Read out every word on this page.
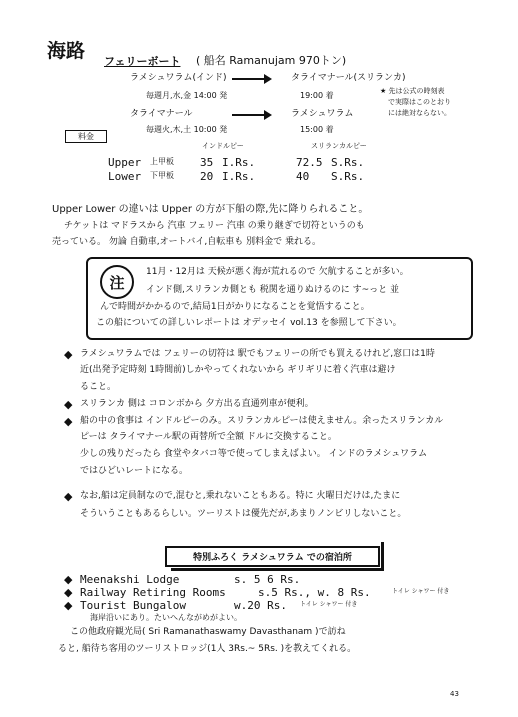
海路 フェリーボート ( 船名 Ramanujam 970トン)
ラメシュワラム(インド)	タライマナール(スリランカ)
毎週月,水,金 14:00 発	19:00 着
タライマナール	ラメシュワラム
毎週火,木,土 10:00 発	15:00 着
★ 先は公式の時刻表
で実際はこのとおり
には絶対ならない。
料金
インドルピー	スリランカルピー
Upper 上甲板 35 I.Rs.	72.5 S.Rs.
Lower 下甲板 20 I.Rs.	40 S.Rs.
Upper Lower の違いは Upper の方が下船の際,先に降りられること。
チケットは マドラスから 汽車 フェリー 汽車 の乗り継ぎで切符というのも
売っている。 勿論 自動車,オートバイ,自転車も 別料金で 乗れる。
注
11月・12月は 天候が悪く海が荒れるので 欠航することが多い。
インド側,スリランカ側とも 税関を通りぬけるのに す~っと 並
んで時間がかかるので,結局1日がかりになることを覚悟すること。
この船についての詳しいレポートは オデッセイ vol.13 を参照して下さい。
◆ ラメシュワラムでは フェリーの切符は 駅でもフェリーの所でも買えるけれど,窓口は1時
近(出発予定時刻 1時間前)しかやってくれないから ギリギリに着く汽車は避け
ること。
◆ スリランカ 側は コロンボから 夕方出る直通列車が便利。
◆ 船の中の食事は インドルピーのみ。スリランカルピーは使えません。余ったスリランカル
ピーは タライマナール駅の両替所で全額 ドルに交換すること。
少しの残りだったら 食堂やタバコ等で使ってしまえばよい。 インドのラメシュワラム
ではひどいレートになる。
◆ なお,船は定員制なので,混むと,乗れないこともある。特に 火曜日だけは,たまに
そういうこともあるらしい。ツーリストは優先だが,あまりノンビリしないこと。
特別ふろく ラメシュワラム での宿泊所
◆ Meenakshi Lodge	s. 5 6 Rs.
◆ Railway Retiring Rooms	s.5 Rs., w. 8 Rs.	トイレ シャワー 付き
◆ Tourist Bungalow	w.20 Rs. トイレ シャワー 付き
海岸沿いにあり。たいへんながめがよい。
この他政府観光局( Sri Ramanathaswamy Davasthanam )で訪ね
ると, 船待ち客用のツーリストロッジ(1人 3Rs.~ 5Rs. )を教えてくれる。
43
